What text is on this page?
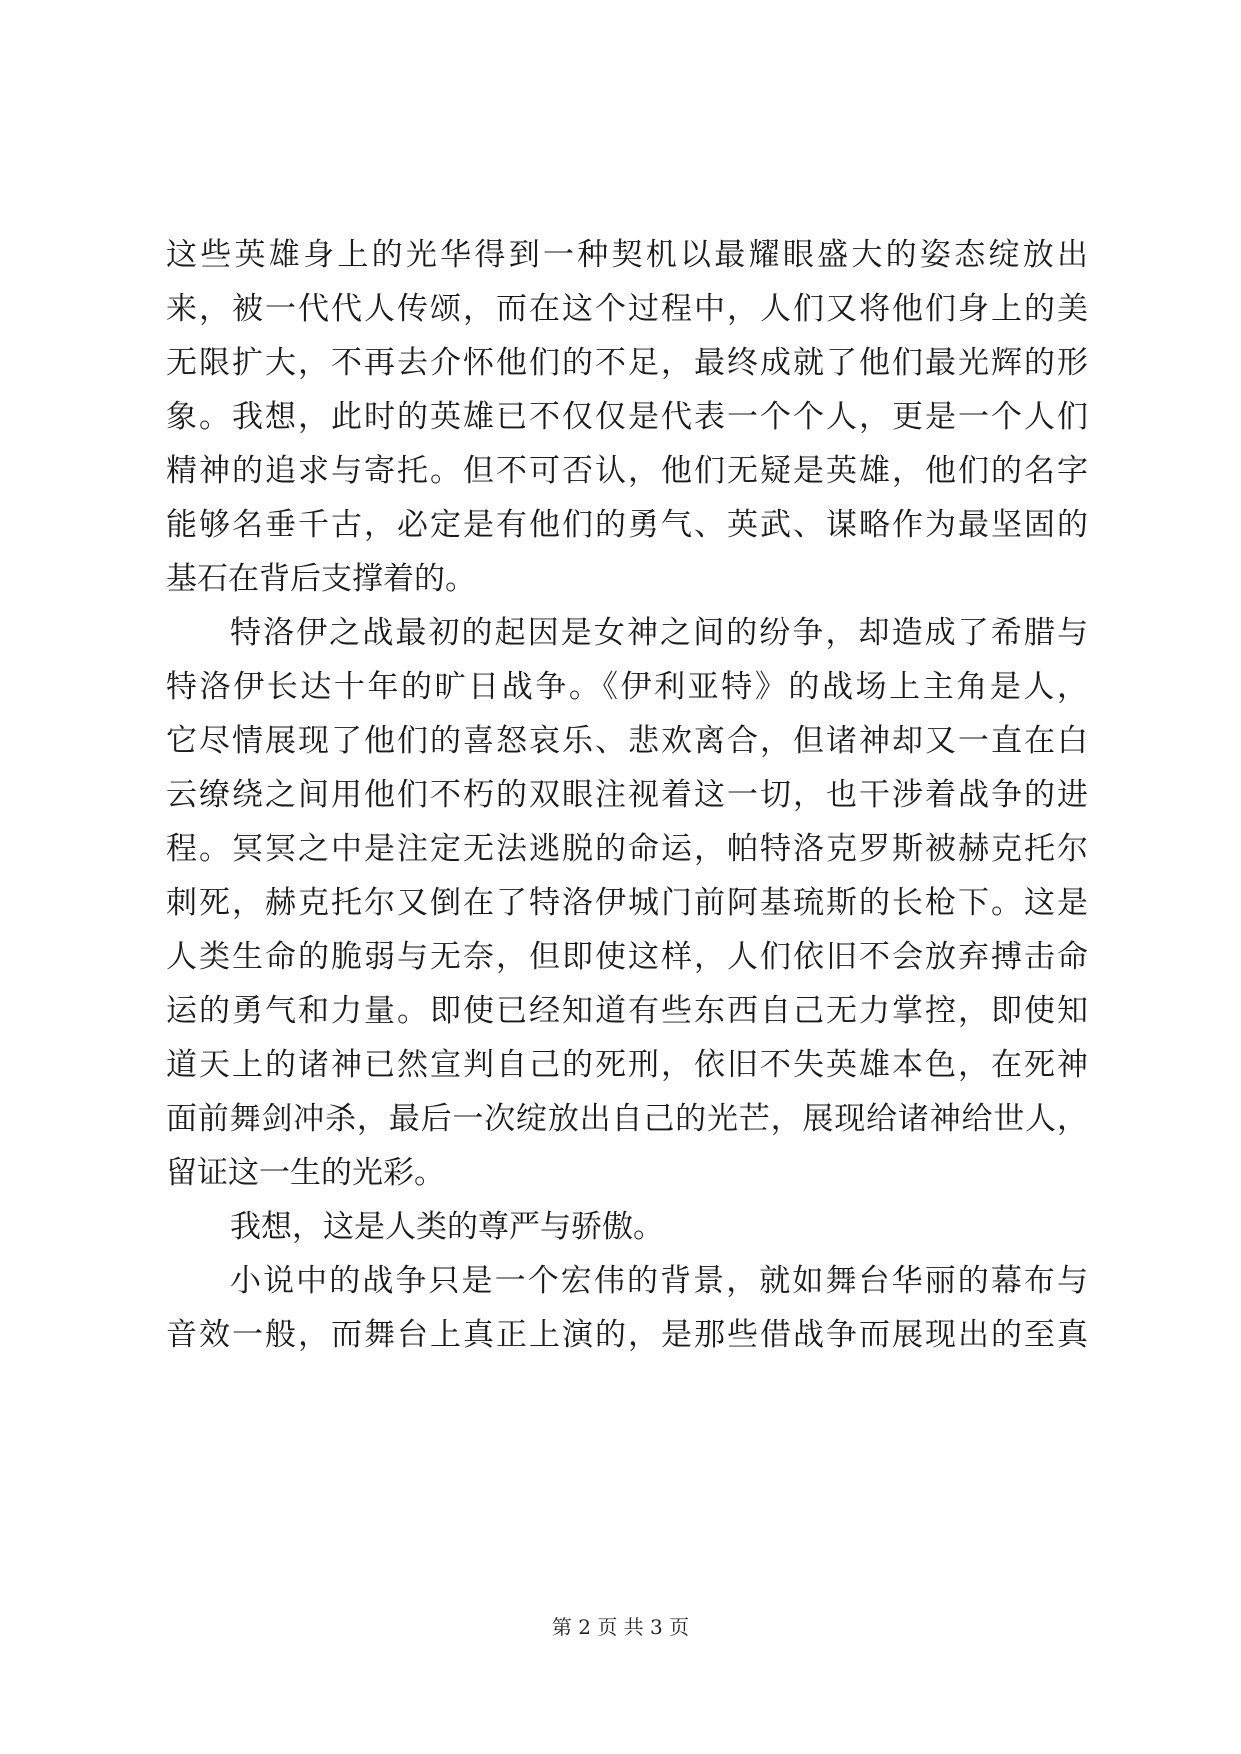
这些英雄身上的光华得到一种契机以最耀眼盛大的姿态绽放出
来，被一代代人传颂，而在这个过程中，人们又将他们身上的美
无限扩大，不再去介怀他们的不足，最终成就了他们最光辉的形
象。我想，此时的英雄已不仅仅是代表一个个人，更是一个人们
精神的追求与寄托。但不可否认，他们无疑是英雄，他们的名字
能够名垂千古，必定是有他们的勇气、英武、谋略作为最坚固的
基石在背后支撑着的。
特洛伊之战最初的起因是女神之间的纷争，却造成了希腊与
特洛伊长达十年的旷日战争。《伊利亚特》的战场上主角是人，
它尽情展现了他们的喜怒哀乐、悲欢离合，但诸神却又一直在白
云缭绕之间用他们不朽的双眼注视着这一切，也干涉着战争的进
程。冥冥之中是注定无法逃脱的命运，帕特洛克罗斯被赫克托尔
刺死，赫克托尔又倒在了特洛伊城门前阿基琉斯的长枪下。这是
人类生命的脆弱与无奈，但即使这样，人们依旧不会放弃搏击命
运的勇气和力量。即使已经知道有些东西自己无力掌控，即使知
道天上的诸神已然宣判自己的死刑，依旧不失英雄本色，在死神
面前舞剑冲杀，最后一次绽放出自己的光芒，展现给诸神给世人，
留证这一生的光彩。
我想，这是人类的尊严与骄傲。
小说中的战争只是一个宏伟的背景，就如舞台华丽的幕布与
音效一般，而舞台上真正上演的，是那些借战争而展现出的至真
第 2 页 共 3 页
